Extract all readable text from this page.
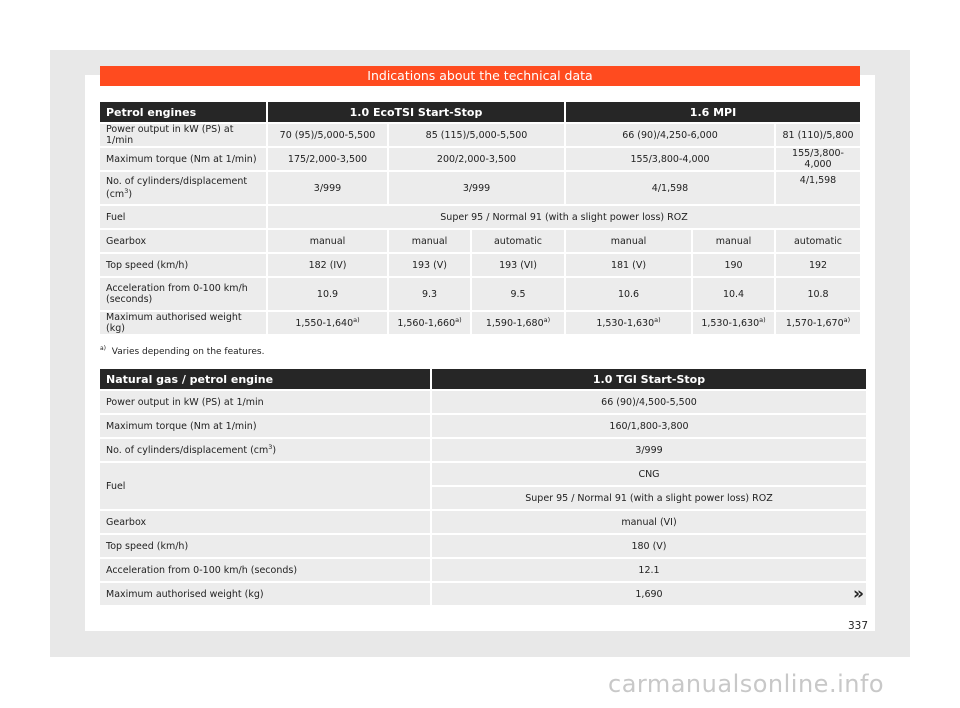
Indications about the technical data
Petrol engines	1.0 EcoTSI Start-Stop			1.6 MPI		
Power output in kW (PS) at 1/min	70 (95)/5,000-5,500	85 (115)/5,000-5,500		66 (90)/4,250-6,000		81 (110)/5,800
Maximum torque (Nm at 1/min)	175/2,000-3,500	200/2,000-3,500		155/3,800-4,000		155/3,800-4,000
No. of cylinders/displacement $(cm^3)$	3/999	3/999		4/1,598		4/1,598
Fuel	Super 95 / Normal 91 (with a slight power loss) ROZ					
Gearbox	manual	manual	automatic	manual	manual	automatic
Top speed (km/h)	182 (IV)	193 (V)	193 (VI)	181 (V)	190	192
Acceleration from 0-100 km/h (seconds)	10.9	9.3	9.5	10.6	10.4	10.8
Maximum authorised weight (kg)	1,550-1,640$^{a)}$	1,560-1,660$^{a)}$	1,590-1,680$^{a)}$	1,530-1,630$^{a)}$	1,530-1,630$^{a)}$	1,570-1,670$^{a)}$
$^{a)}$ Varies depending on the features.
Natural gas / petrol engine	1.0 TGI Start-Stop
Power output in kW (PS) at 1/min	66 (90)/4,500-5,500
Maximum torque (Nm at 1/min)	160/1,800-3,800
No. of cylinders/displacement $(cm^3)$	3/999
Fuel	CNG
	Super 95 / Normal 91 (with a slight power loss) ROZ
Gearbox	manual (VI)
Top speed (km/h)	180 (V)
Acceleration from 0-100 km/h (seconds)	12.1
Maximum authorised weight (kg)	1,690	»
337
carmanualsonline.info
